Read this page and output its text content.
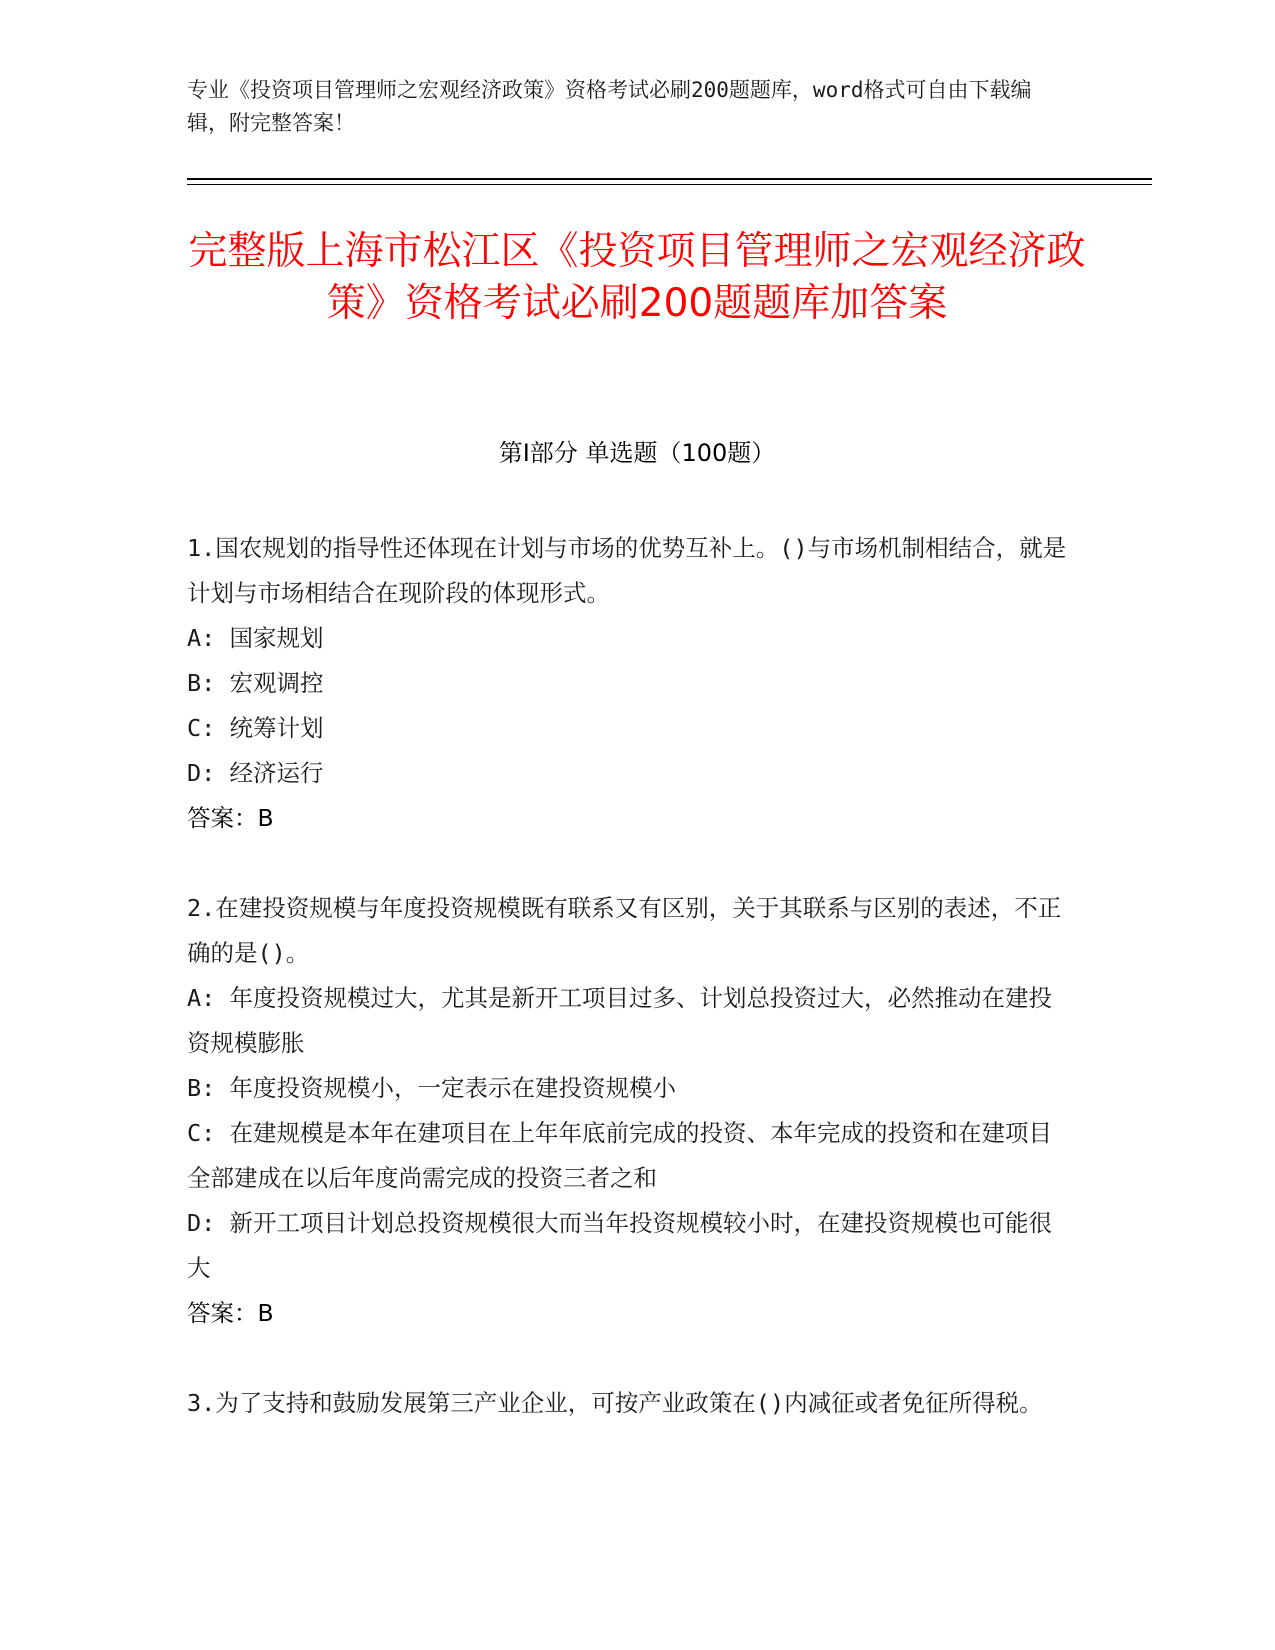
专业《投资项目管理师之宏观经济政策》资格考试必刷200题题库，word格式可自由下载编辑，附完整答案！
完整版上海市松江区《投资项目管理师之宏观经济政策》资格考试必刷200题题库加答案
第I部分 单选题（100题）

1.国农规划的指导性还体现在计划与市场的优势互补上。()与市场机制相结合，就是计划与市场相结合在现阶段的体现形式。

A: 国家规划

B: 宏观调控

C: 统筹计划

D: 经济运行

答案：B

2.在建投资规模与年度投资规模既有联系又有区别，关于其联系与区别的表述，不正确的是()。

A: 年度投资规模过大，尤其是新开工项目过多、计划总投资过大，必然推动在建投资规模膨胀

B: 年度投资规模小，一定表示在建投资规模小

C: 在建规模是本年在建项目在上年年底前完成的投资、本年完成的投资和在建项目全部建成在以后年度尚需完成的投资三者之和

D: 新开工项目计划总投资规模很大而当年投资规模较小时，在建投资规模也可能很大

答案：B

3.为了支持和鼓励发展第三产业企业，可按产业政策在()内减征或者免征所得税。
